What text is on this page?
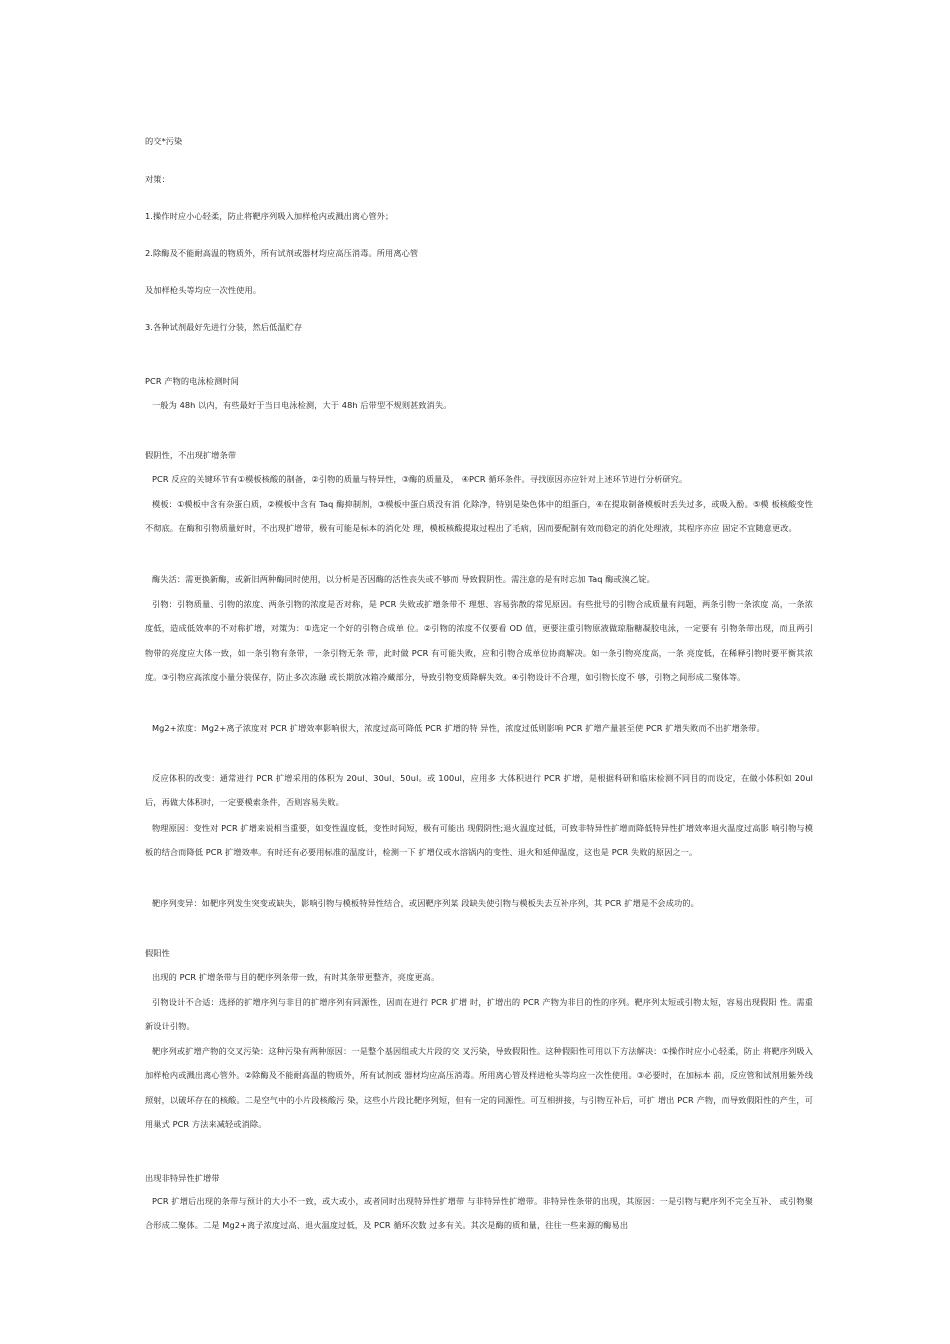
的交*污染
对策：
1.操作时应小心轻柔，防止将靶序列吸入加样枪内或溅出离心管外；
2.除酶及不能耐高温的物质外，所有试剂或器材均应高压消毒。所用离心管
及加样枪头等均应一次性使用。
3.各种试剂最好先进行分装，然后低温贮存
PCR 产物的电泳检测时间
一般为 48h 以内，有些最好于当日电泳检测，大于 48h 后带型不规则甚致消失。
假阴性，不出现扩增条带
PCR 反应的关键环节有①模板核酸的制备，②引物的质量与特异性，③酶的质量及， ④PCR 循环条件。寻找原因亦应针对上述环节进行分析研究。
模板：①模板中含有杂蛋白质，②模板中含有 Taq 酶抑制剂，③模板中蛋白质没有消 化除净，特别是染色体中的组蛋白，④在提取制备模板时丢失过多，或吸入酚。⑤模 板核酸变性不彻底。在酶和引物质量好时，不出现扩增带，极有可能是标本的消化处 理，模板核酸提取过程出了毛病，因而要配制有效而稳定的消化处理液，其程序亦应 固定不宜随意更改。
酶失活：需更换新酶，或新旧两种酶同时使用，以分析是否因酶的活性丧失或不够而 导致假阴性。需注意的是有时忘加 Taq 酶或溴乙锭。
引物：引物质量、引物的浓度、两条引物的浓度是否对称，是 PCR 失败或扩增条带不 理想、容易弥散的常见原因。有些批号的引物合成质量有问题，两条引物一条浓度 高，一条浓度低，造成低效率的不对称扩增，对策为：①选定一个好的引物合成单 位。②引物的浓度不仅要看 OD 值，更要注重引物原液做琼脂糖凝胶电泳，一定要有 引物条带出现，而且两引物带的亮度应大体一致，如一条引物有条带，一条引物无条 带，此时做 PCR 有可能失败，应和引物合成单位协商解决。如一条引物亮度高，一条 亮度低，在稀释引物时要平衡其浓度。③引物应高浓度小量分装保存，防止多次冻融 或长期放冰箱冷藏部分，导致引物变质降解失效。④引物设计不合理，如引物长度不 够，引物之间形成二聚体等。
Mg2+浓度：Mg2+离子浓度对 PCR 扩增效率影响很大，浓度过高可降低 PCR 扩增的特 异性，浓度过低则影响 PCR 扩增产量甚至使 PCR 扩增失败而不出扩增条带。
反应体积的改变：通常进行 PCR 扩增采用的体积为 20ul、30ul、50ul。或 100ul，应用多 大体积进行 PCR 扩增，是根据科研和临床检测不同目的而设定，在做小体积如 20ul 后，再做大体积时，一定要模索条件，否则容易失败。
物理原因：变性对 PCR 扩增来说相当重要，如变性温度低，变性时间短，极有可能出 现假阴性;退火温度过低，可致非特异性扩增而降低特异性扩增效率退火温度过高影 响引物与模板的结合而降低 PCR 扩增效率。有时还有必要用标准的温度计，检测一下 扩增仪或水溶锅内的变性、退火和延伸温度，这也是 PCR 失败的原因之一。
靶序列变异：如靶序列发生突变或缺失，影响引物与模板特异性结合，或因靶序列某 段缺失使引物与模板失去互补序列，其 PCR 扩增是不会成功的。
假阳性
出现的 PCR 扩增条带与目的靶序列条带一致，有时其条带更整齐，亮度更高。
引物设计不合适：选择的扩增序列与非目的扩增序列有同源性，因而在进行 PCR 扩增 时，扩增出的 PCR 产物为非目的性的序列。靶序列太短或引物太短，容易出现假阳 性。需重新设计引物。
靶序列或扩增产物的交叉污染：这种污染有两种原因：一是整个基因组或大片段的交 叉污染，导致假阳性。这种假阳性可用以下方法解决：①操作时应小心轻柔，防止 将靶序列吸入加样枪内或溅出离心管外。②除酶及不能耐高温的物质外，所有试剂或 器材均应高压消毒。所用离心管及样进枪头等均应一次性使用。③必要时，在加标本 前，反应管和试剂用紫外线照射，以破坏存在的核酸。二是空气中的小片段核酸污 染，这些小片段比靶序列短，但有一定的同源性。可互相拼接，与引物互补后，可扩 增出 PCR 产物，而导致假阳性的产生，可用巢式 PCR 方法来减轻或消除。
出现非特异性扩增带
PCR 扩增后出现的条带与预计的大小不一致，或大或小，或者同时出现特异性扩增带 与非特异性扩增带。非特异性条带的出现，其原因：一是引物与靶序列不完全互补、 或引物聚合形成二聚体。二是 Mg2+离子浓度过高、退火温度过低，及 PCR 循环次数 过多有关。其次是酶的质和量，往往一些来源的酶易出
